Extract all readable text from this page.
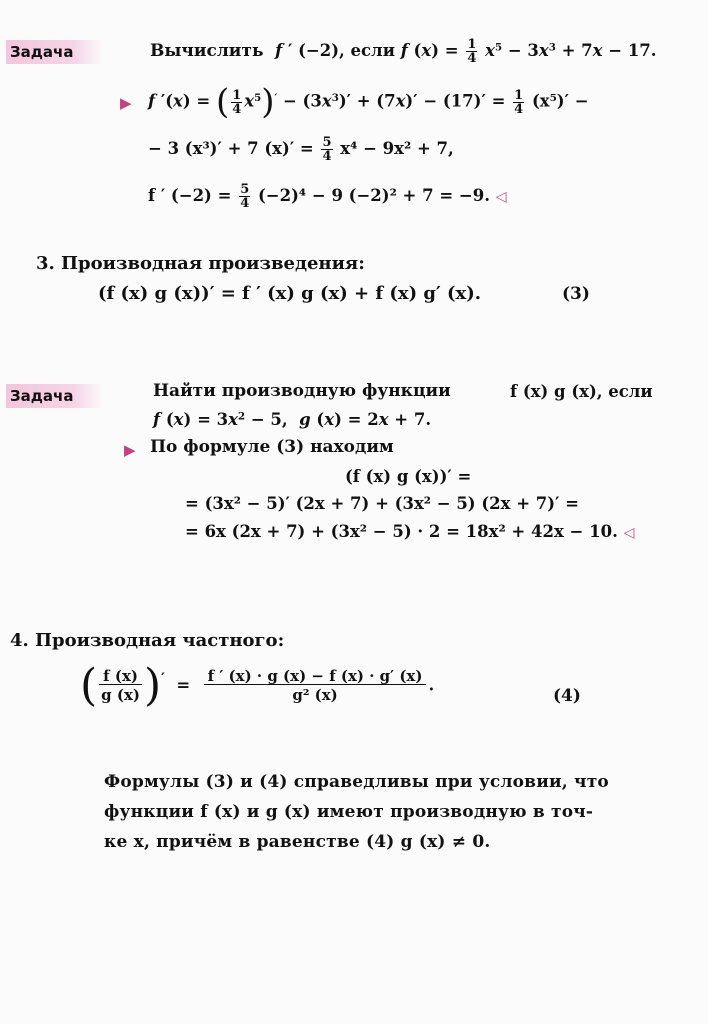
Задача	Вычислить f ′ (−2), если f $(x) = \frac{1}{4} x^5 - 3x^3 + 7x - 17$.
▶ f ′(x) = ( $\frac{1}{4} x^5)' - (3x^3)' + (7x)' - (17)' = \frac{1}{4} (x^5)'$ −
− 3 (x³)′ + 7 $(x)' = \frac{5}{4} x^4 - 9x^2 + 7$,
f ′ $(-2) = \frac{5}{4} (-2)^4 - 9$ (−2)² + 7 = −9. ◁
3. Производная произведения:
(f (x) g (x))′ = f ′ (x) g (x) + f (x) g′ (x).	(3)
Задача	Найти производную функции	f (x) g (x), если
f $(x) = 3x^2 - 5$,  g (x) = 2x + 7.
▶ По формуле (3) находим
(f (x) g (x))′ =
= (3x² − 5)′ (2x + 7) + (3x² − 5) (2x + 7)′ =
= 6x (2x + 7) + (3x² − 5) · 2 = 18x² + 42x − 10. ◁
4. Производная частного:
( $\frac{f (x)}{g (x)} )' = \frac{f ' (x) \cdot g (x) - f (x) \cdot g' (x)}{\text{g² (x)}}$ .
(4)
Формулы (3) и (4) справедливы при условии, что
функции f (x) и g (x) имеют производную в точ-
ке x, причём в равенстве (4) g (x) ≠ 0.
